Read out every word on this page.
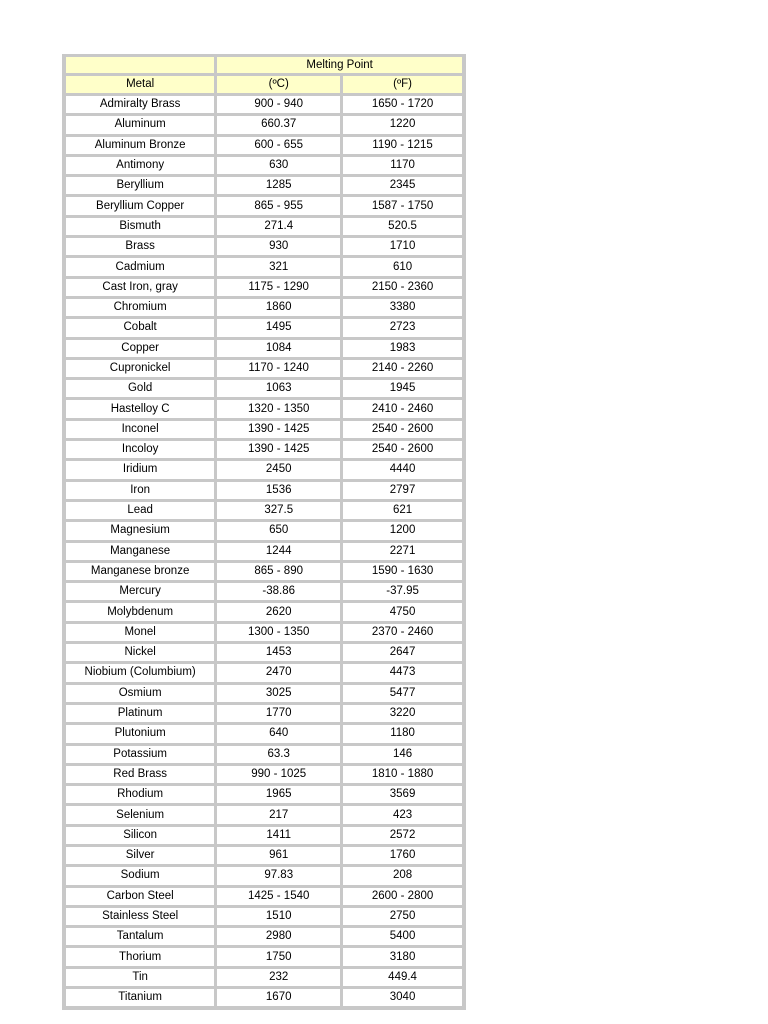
	Melting Point	
Metal	(ºC)	(ºF)
Admiralty Brass	900 - 940	1650 - 1720
Aluminum	660.37	1220
Aluminum Bronze	600 - 655	1190 - 1215
Antimony	630	1170
Beryllium	1285	2345
Beryllium Copper	865 - 955	1587 - 1750
Bismuth	271.4	520.5
Brass	930	1710
Cadmium	321	610
Cast Iron, gray	1175 - 1290	2150 - 2360
Chromium	1860	3380
Cobalt	1495	2723
Copper	1084	1983
Cupronickel	1170 - 1240	2140 - 2260
Gold	1063	1945
Hastelloy C	1320 - 1350	2410 - 2460
Inconel	1390 - 1425	2540 - 2600
Incoloy	1390 - 1425	2540 - 2600
Iridium	2450	4440
Iron	1536	2797
Lead	327.5	621
Magnesium	650	1200
Manganese	1244	2271
Manganese bronze	865 - 890	1590 - 1630
Mercury	-38.86	-37.95
Molybdenum	2620	4750
Monel	1300 - 1350	2370 - 2460
Nickel	1453	2647
Niobium (Columbium)	2470	4473
Osmium	3025	5477
Platinum	1770	3220
Plutonium	640	1180
Potassium	63.3	146
Red Brass	990 - 1025	1810 - 1880
Rhodium	1965	3569
Selenium	217	423
Silicon	1411	2572
Silver	961	1760
Sodium	97.83	208
Carbon Steel	1425 - 1540	2600 - 2800
Stainless Steel	1510	2750
Tantalum	2980	5400
Thorium	1750	3180
Tin	232	449.4
Titanium	1670	3040
